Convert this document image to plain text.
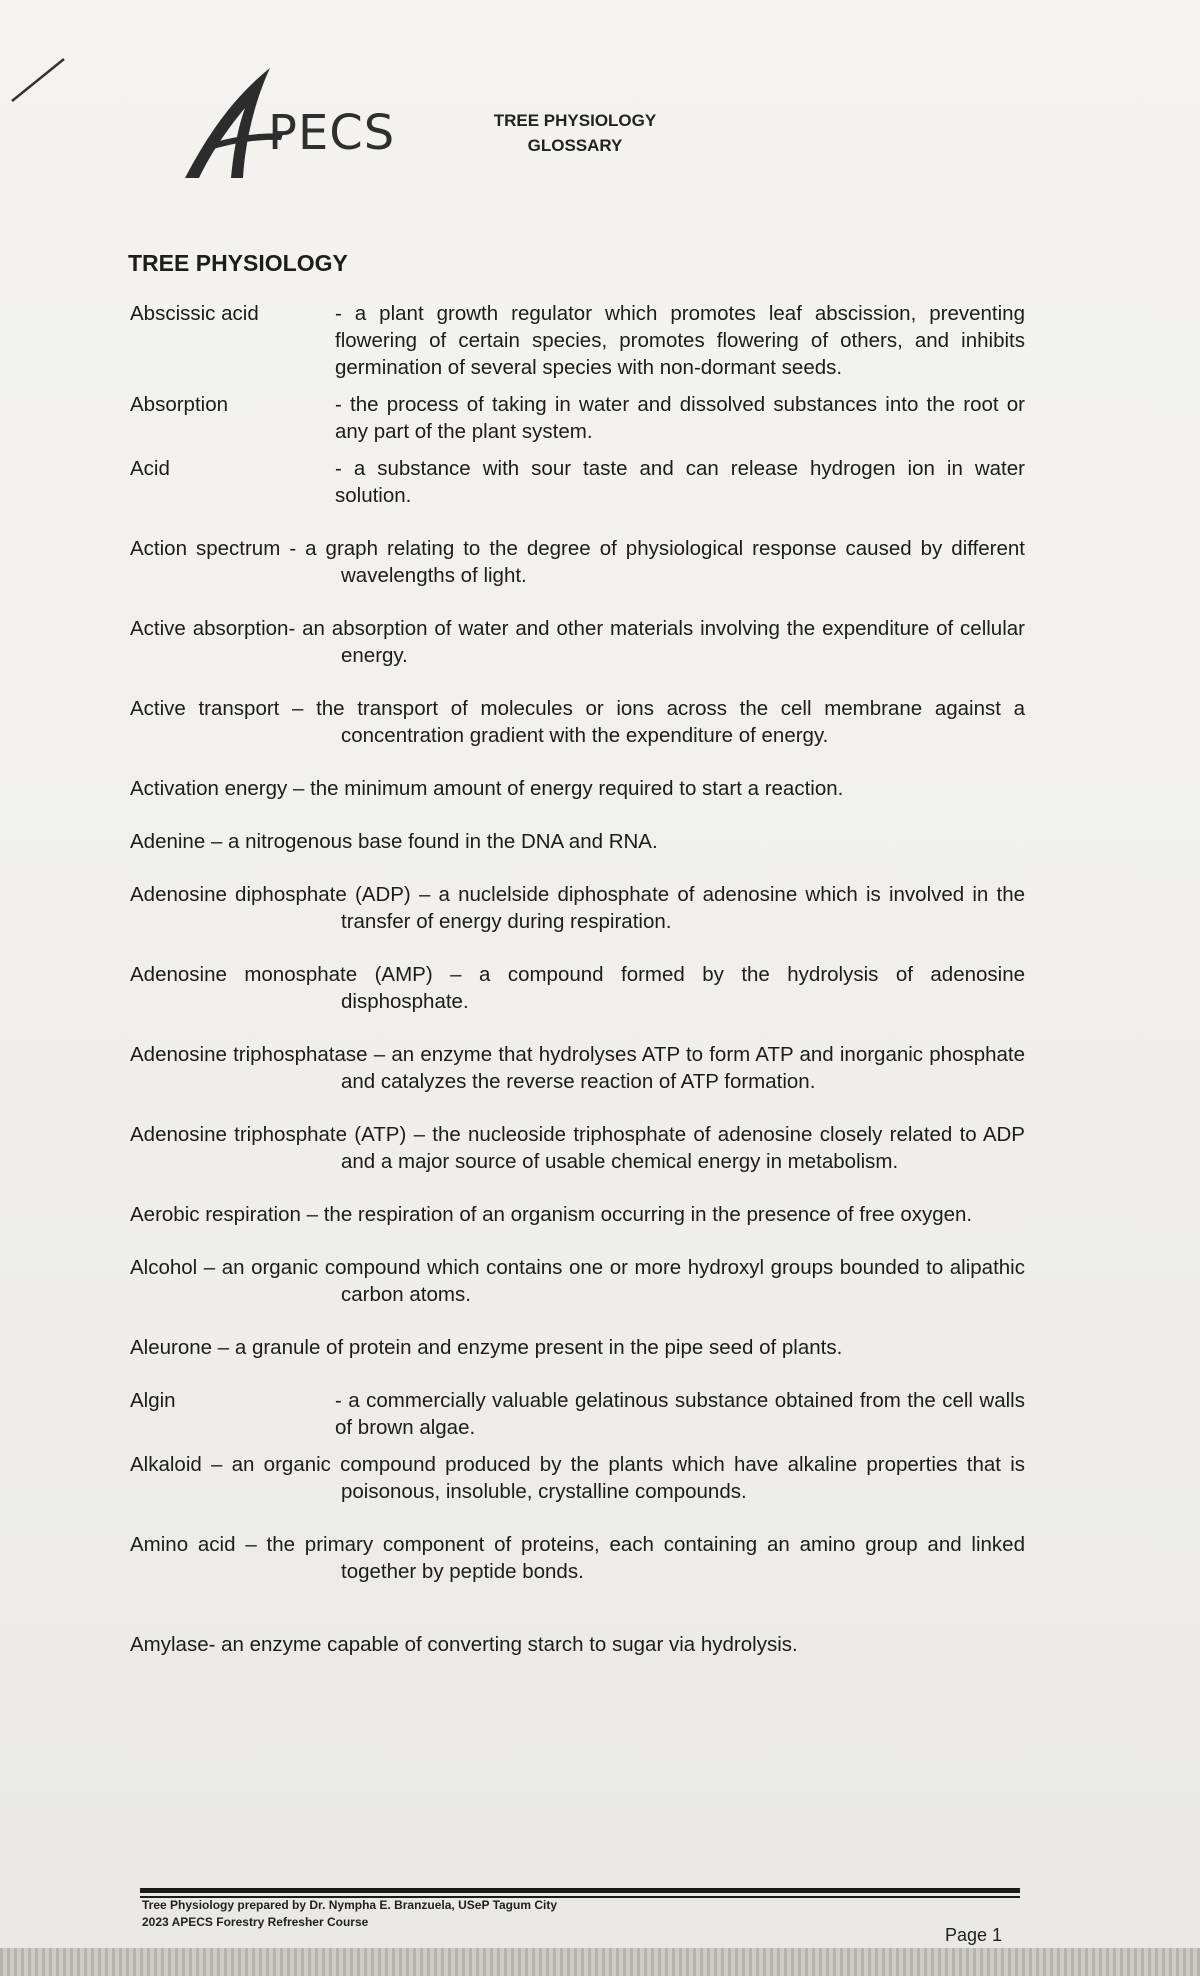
PECS	TREE PHYSIOLOGY
GLOSSARY
TREE PHYSIOLOGY
Abscissic acid	- a plant growth regulator which promotes leaf abscission, preventing flowering of certain species, promotes flowering of others, and inhibits germination of several species with non-dormant seeds.
Absorption	- the process of taking in water and dissolved substances into the root or any part of the plant system.
Acid	- a substance with sour taste and can release hydrogen ion in water solution.
Action spectrum - a graph relating to the degree of physiological response caused by different wavelengths of light.
Active absorption- an absorption of water and other materials involving the expenditure of cellular energy.
Active transport – the transport of molecules or ions across the cell membrane against a concentration gradient with the expenditure of energy.
Activation energy – the minimum amount of energy required to start a reaction.
Adenine – a nitrogenous base found in the DNA and RNA.
Adenosine diphosphate (ADP) – a nuclelside diphosphate of adenosine which is involved in the transfer of energy during respiration.
Adenosine monosphate (AMP) – a compound formed by the hydrolysis of adenosine disphosphate.
Adenosine triphosphatase – an enzyme that hydrolyses ATP to form ATP and inorganic phosphate and catalyzes the reverse reaction of ATP formation.
Adenosine triphosphate (ATP) – the nucleoside triphosphate of adenosine closely related to ADP and a major source of usable chemical energy in metabolism.
Aerobic respiration – the respiration of an organism occurring in the presence of free oxygen.
Alcohol – an organic compound which contains one or more hydroxyl groups bounded to alipathic carbon atoms.
Aleurone – a granule of protein and enzyme present in the pipe seed of plants.
Algin	- a commercially valuable gelatinous substance obtained from the cell walls of brown algae.
Alkaloid – an organic compound produced by the plants which have alkaline properties that is poisonous, insoluble, crystalline compounds.
Amino acid – the primary component of proteins, each containing an amino group and linked together by peptide bonds.
Amylase- an enzyme capable of converting starch to sugar via hydrolysis.
Tree Physiology prepared by Dr. Nympha E. Branzuela, USeP Tagum City
2023 APECS Forestry Refresher Course
Page 1
